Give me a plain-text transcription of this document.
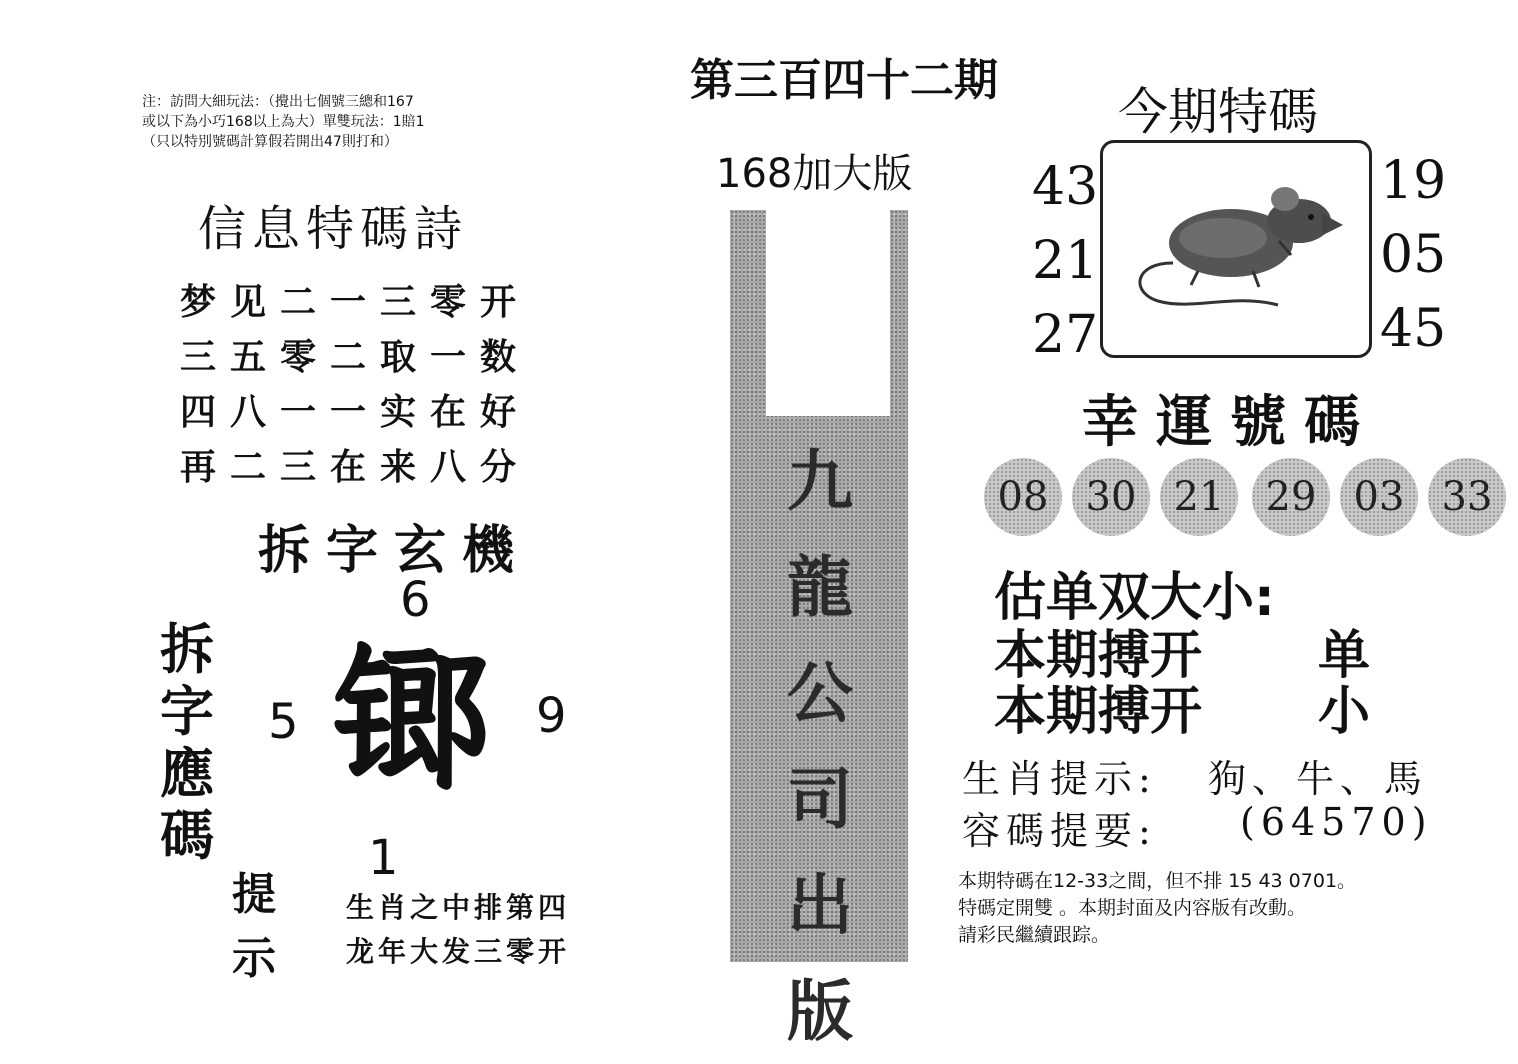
注：訪問大細玩法：（攪出七個號三總和167
或以下為小巧168以上為大）單雙玩法：1賠1
（只以特別號碼計算假若開出47則打和）
信息特碼詩
梦见二一三零开
三五零二取一数
四八一一实在好
再二三在来八分
拆字玄機
拆
字
應
碼
6
5	9
1
𨱍
提
示
生肖之中排第四
龙年大发三零开
第三百四十二期
168加大版
九
龍
公
司
出
版
今期特碼
43
21
27
19
05
45
幸運號碼
08 30 21	29 03 33
估单双大小:
本期搏开 单
本期搏开 小
生肖提示: 狗、牛、馬
容碼提要: (64570)
本期特碼在12-33之間，但不排 15 43 0701。
特碼定開雙 。本期封面及内容版有改動。
請彩民繼續跟踪。
